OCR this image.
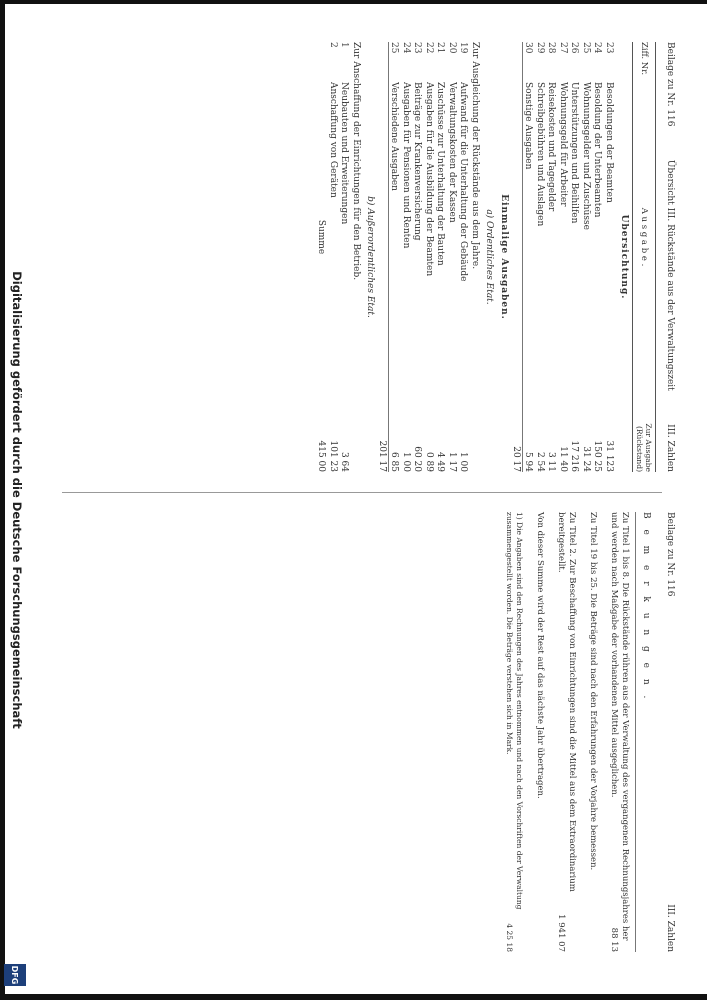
Digitalisierung gefördert durch die Deutsche Forschungsgemeinschaft
DFG
Beilage zu Nr. 116
Übersicht III. Rückstände aus der Verwaltungszeit
III. Zahlen
Ziff. Nr.
A u s g a b e .
Zur Ausgabe (Rückstand)
Ubersichtung.
23
Besoldungen der Beamten
31 123
24
Besoldung der Unterbeamten
150 25
25
Wohnungsgelder und Zuschüsse
31 24
26
Unterstützungen und Beihilfen
17 216
27
Wohnungsgeld für Arbeiter
11 40
28
Reisekosten und Tagegelder
3 11
29
Schreibgebühren und Auslagen
2 54
30
Sonstige Ausgaben
5 94
20 17
Einmalige Ausgaben.
a) Ordentliches Etat.
Zur Ausgleichung der Rückstände aus dem Jahre.
19
Aufwand für die Unterhaltung der Gebäude
1 00
20
Verwaltungskosten der Kassen
1 17
21
Zuschüsse zur Unterhaltung der Bauten
4 49
22
Ausgaben für die Ausbildung der Beamten
0 89
23
Beiträge zur Krankenversicherung
60 20
24
Ausgaben für Pensionen und Renten
1 00
25
Verschiedene Ausgaben
6 85
201 17
b) Außerordentliches Etat.
Zur Anschaffung der Einrichtungen für den Betrieb.
1
Neubauten und Erweiterungen
3 64
2
Anschaffung von Geräten
101 23
Summe
415 00
Beilage zu Nr. 116
III. Zahlen
B e m e r k u n g e n .

Zu Titel 1 bis 8. Die Rückstände rühren aus der Verwaltung des vergangenen Rechnungsjahres her und werden nach Maßgabe der vorhandenen Mittel ausgeglichen.
88 13

Zu Titel 19 bis 25. Die Beträge sind nach den Erfahrungen der Vorjahre bemessen.

Zu Titel 2. Zur Beschaffung von Einrichtungen sind die Mittel aus dem Extraordinarium bereitgestellt.
1 941 07

Von dieser Summe wird der Rest auf das nächste Jahr übertragen.

1) Die Angaben sind den Rechnungen des Jahres entnommen und nach den Vorschriften der Verwaltung zusammengestellt worden. Die Beträge verstehen sich in Mark.
4 25 18
